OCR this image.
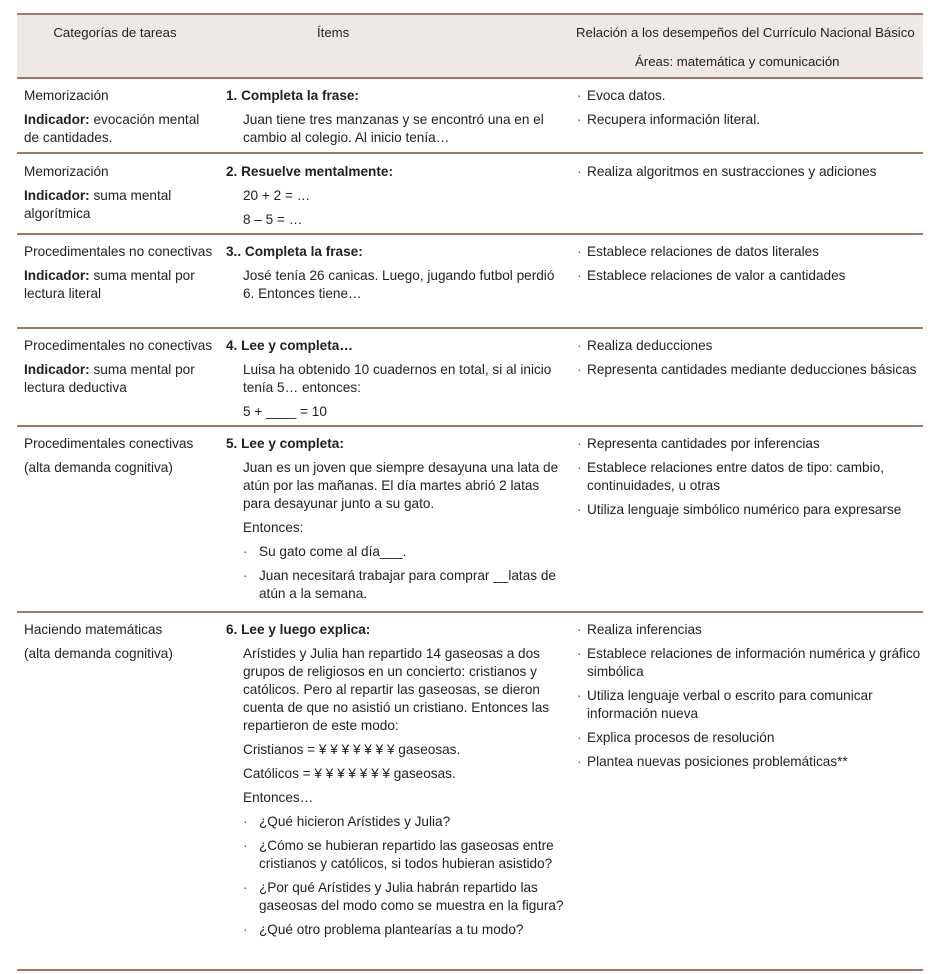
Categorías de tareas	Ítems	Relación a los desempeños del Currículo Nacional Básico
Áreas: matemática y comunicación

Memorización

Indicador: evocación mental de cantidades.

1. Completa la frase:

Juan tiene tres manzanas y se encontró una en el cambio al colegio. Al inicio tenía…

· Evoca datos.

· Recupera información literal.

Memorización

Indicador: suma mental algorítmica

2. Resuelve mentalmente:

20 + 2 = …

8 – 5 = …

· Realiza algoritmos en sustracciones y adiciones

Procedimentales no conectivas

Indicador: suma mental por lectura literal

3.. Completa la frase:

José tenía 26 canicas. Luego, jugando futbol perdió 6. Entonces tiene…

· Establece relaciones de datos literales

· Establece relaciones de valor a cantidades

Procedimentales no conectivas

Indicador: suma mental por lectura deductiva

4. Lee y completa…

Luisa ha obtenido 10 cuadernos en total, si al inicio tenía 5… entonces:

5 + ____ = 10

· Realiza deducciones

· Representa cantidades mediante deducciones básicas

Procedimentales conectivas

(alta demanda cognitiva)

5. Lee y completa:

Juan es un joven que siempre desayuna una lata de atún por las mañanas. El día martes abrió 2 latas para desayunar junto a su gato.

Entonces:

· Su gato come al día___.

· Juan necesitará trabajar para comprar __latas de atún a la semana.

· Representa cantidades por inferencias

· Establece relaciones entre datos de tipo: cambio, continuidades, u otras

· Utiliza lenguaje simbólico numérico para expresarse

Haciendo matemáticas

(alta demanda cognitiva)

6. Lee y luego explica:

Arístides y Julia han repartido 14 gaseosas a dos grupos de religiosos en un concierto: cristianos y católicos. Pero al repartir las gaseosas, se dieron cuenta de que no asistió un cristiano. Entonces las repartieron de este modo:

Cristianos = ¥ ¥ ¥ ¥ ¥ ¥ ¥ gaseosas.

Católicos = ¥ ¥ ¥ ¥ ¥ ¥ ¥ gaseosas.

Entonces…

· ¿Qué hicieron Arístides y Julia?

· ¿Cómo se hubieran repartido las gaseosas entre cristianos y católicos, si todos hubieran asistido?

· ¿Por qué Arístides y Julia habrán repartido las gaseosas del modo como se muestra en la figura?

· ¿Qué otro problema plantearías a tu modo?

· Realiza inferencias

· Establece relaciones de información numérica y gráfico simbólica

· Utiliza lenguaje verbal o escrito para comunicar información nueva

· Explica procesos de resolución

· Plantea nuevas posiciones problemáticas**
